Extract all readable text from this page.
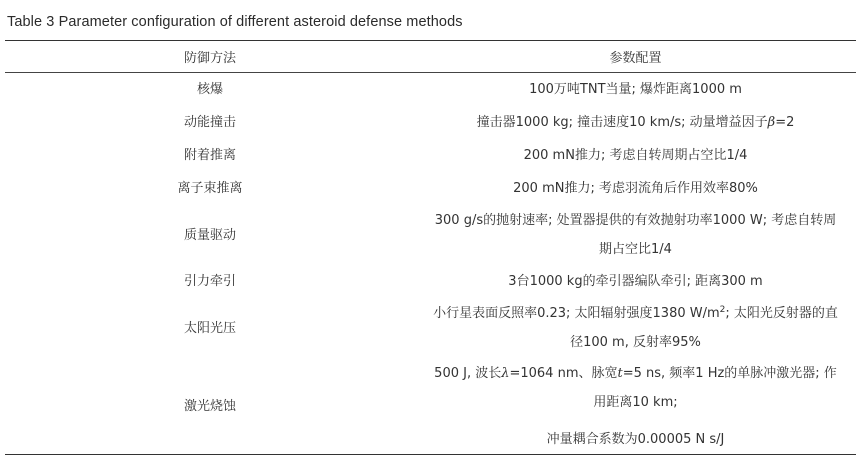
Table 3 Parameter configuration of different asteroid defense methods
防御方法	参数配置
核爆	100万吨TNT当量; 爆炸距离1000 m
动能撞击	撞击器1000 kg; 撞击速度10 km/s; 动量增益因子β=2
附着推离	200 mN推力; 考虑自转周期占空比1/4
离子束推离	200 mN推力; 考虑羽流角后作用效率80%
质量驱动	300 g/s的抛射速率; 处置器提供的有效抛射功率1000 W; 考虑自转周
期占空比1/4

引力牵引	3台1000 kg的牵引器编队牵引; 距离300 m
太阳光压	小行星表面反照率0.23; 太阳辐射强度1380 $W/m^2$; 太阳光反射器的直
径100 m, 反射率95%

激光烧蚀	500 J, 波长λ=1064 nm、脉宽t=5 ns, 频率1 Hz的单脉冲激光器; 作
用距离10 km;
冲量耦合系数为0.00005 N s/J
